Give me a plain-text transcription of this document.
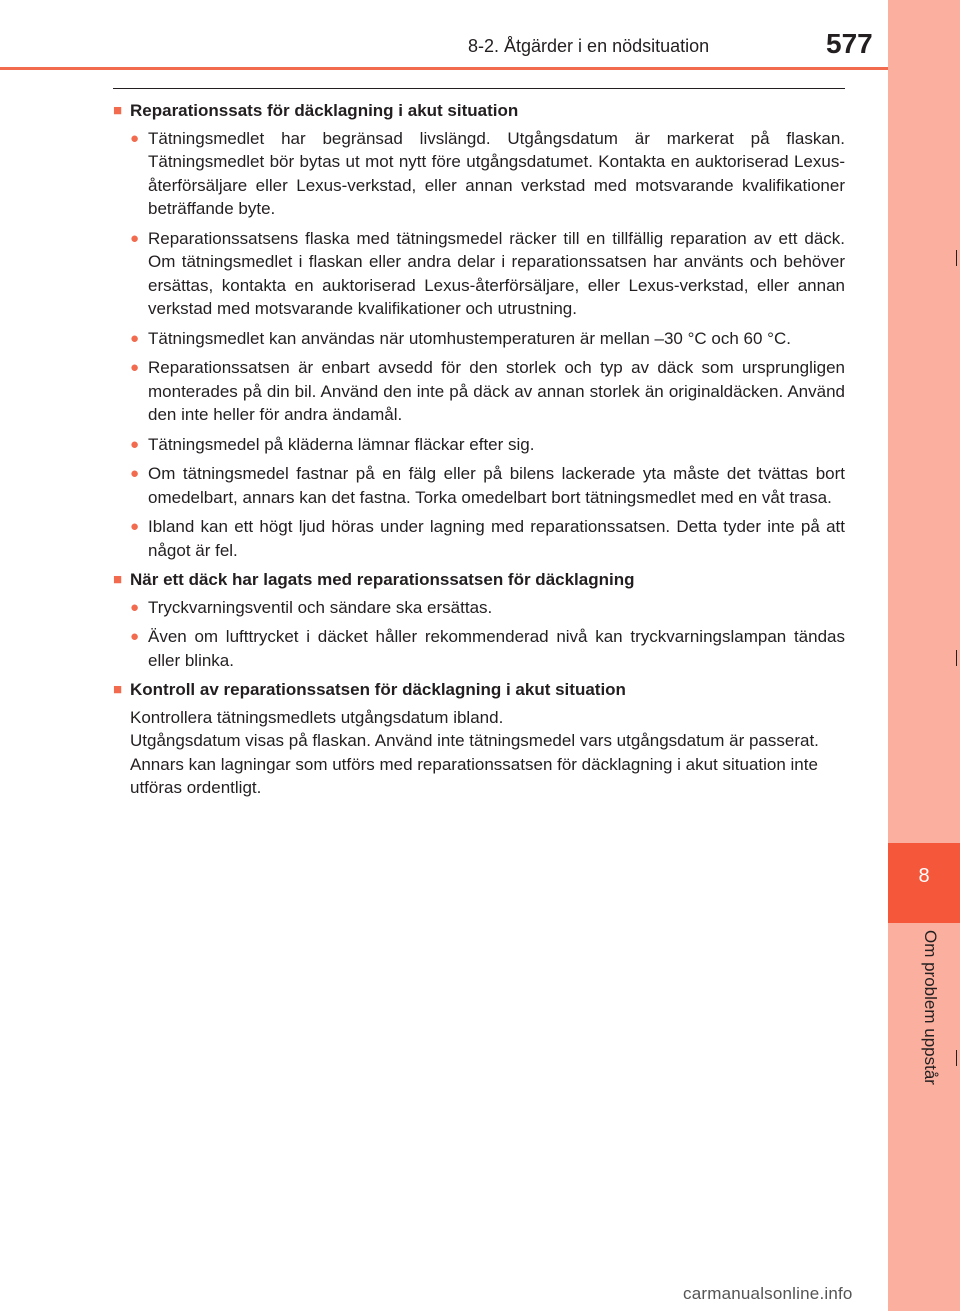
8-2. Åtgärder i en nödsituation	577
8
Om problem uppstår
■ Reparationssats för däcklagning i akut situation
● Tätningsmedlet har begränsad livslängd. Utgångsdatum är markerat på flaskan. Tätningsmedlet bör bytas ut mot nytt före utgångsdatumet. Kontakta en auktoriserad Lexus-återförsäljare eller Lexus-verkstad, eller annan verkstad med motsvarande kvalifikationer beträffande byte.
● Reparationssatsens flaska med tätningsmedel räcker till en tillfällig reparation av ett däck. Om tätningsmedlet i flaskan eller andra delar i reparationssatsen har använts och behöver ersättas, kontakta en auktoriserad Lexus-återförsäljare, eller Lexus-verkstad, eller annan verkstad med motsvarande kvalifikationer och utrustning.
● Tätningsmedlet kan användas när utomhustemperaturen är mellan –30 °C och 60 °C.
● Reparationssatsen är enbart avsedd för den storlek och typ av däck som ursprungligen monterades på din bil. Använd den inte på däck av annan storlek än originaldäcken. Använd den inte heller för andra ändamål.
● Tätningsmedel på kläderna lämnar fläckar efter sig.
● Om tätningsmedel fastnar på en fälg eller på bilens lackerade yta måste det tvättas bort omedelbart, annars kan det fastna. Torka omedelbart bort tätningsmedlet med en våt trasa.
● Ibland kan ett högt ljud höras under lagning med reparationssatsen. Detta tyder inte på att något är fel.
■ När ett däck har lagats med reparationssatsen för däcklagning
● Tryckvarningsventil och sändare ska ersättas.
● Även om lufttrycket i däcket håller rekommenderad nivå kan tryckvarningslampan tändas eller blinka.
■ Kontroll av reparationssatsen för däcklagning i akut situation
Kontrollera tätningsmedlets utgångsdatum ibland.
Utgångsdatum visas på flaskan. Använd inte tätningsmedel vars utgångsdatum är passerat. Annars kan lagningar som utförs med reparationssatsen för däcklagning i akut situation inte utföras ordentligt.
carmanualsonline.info
